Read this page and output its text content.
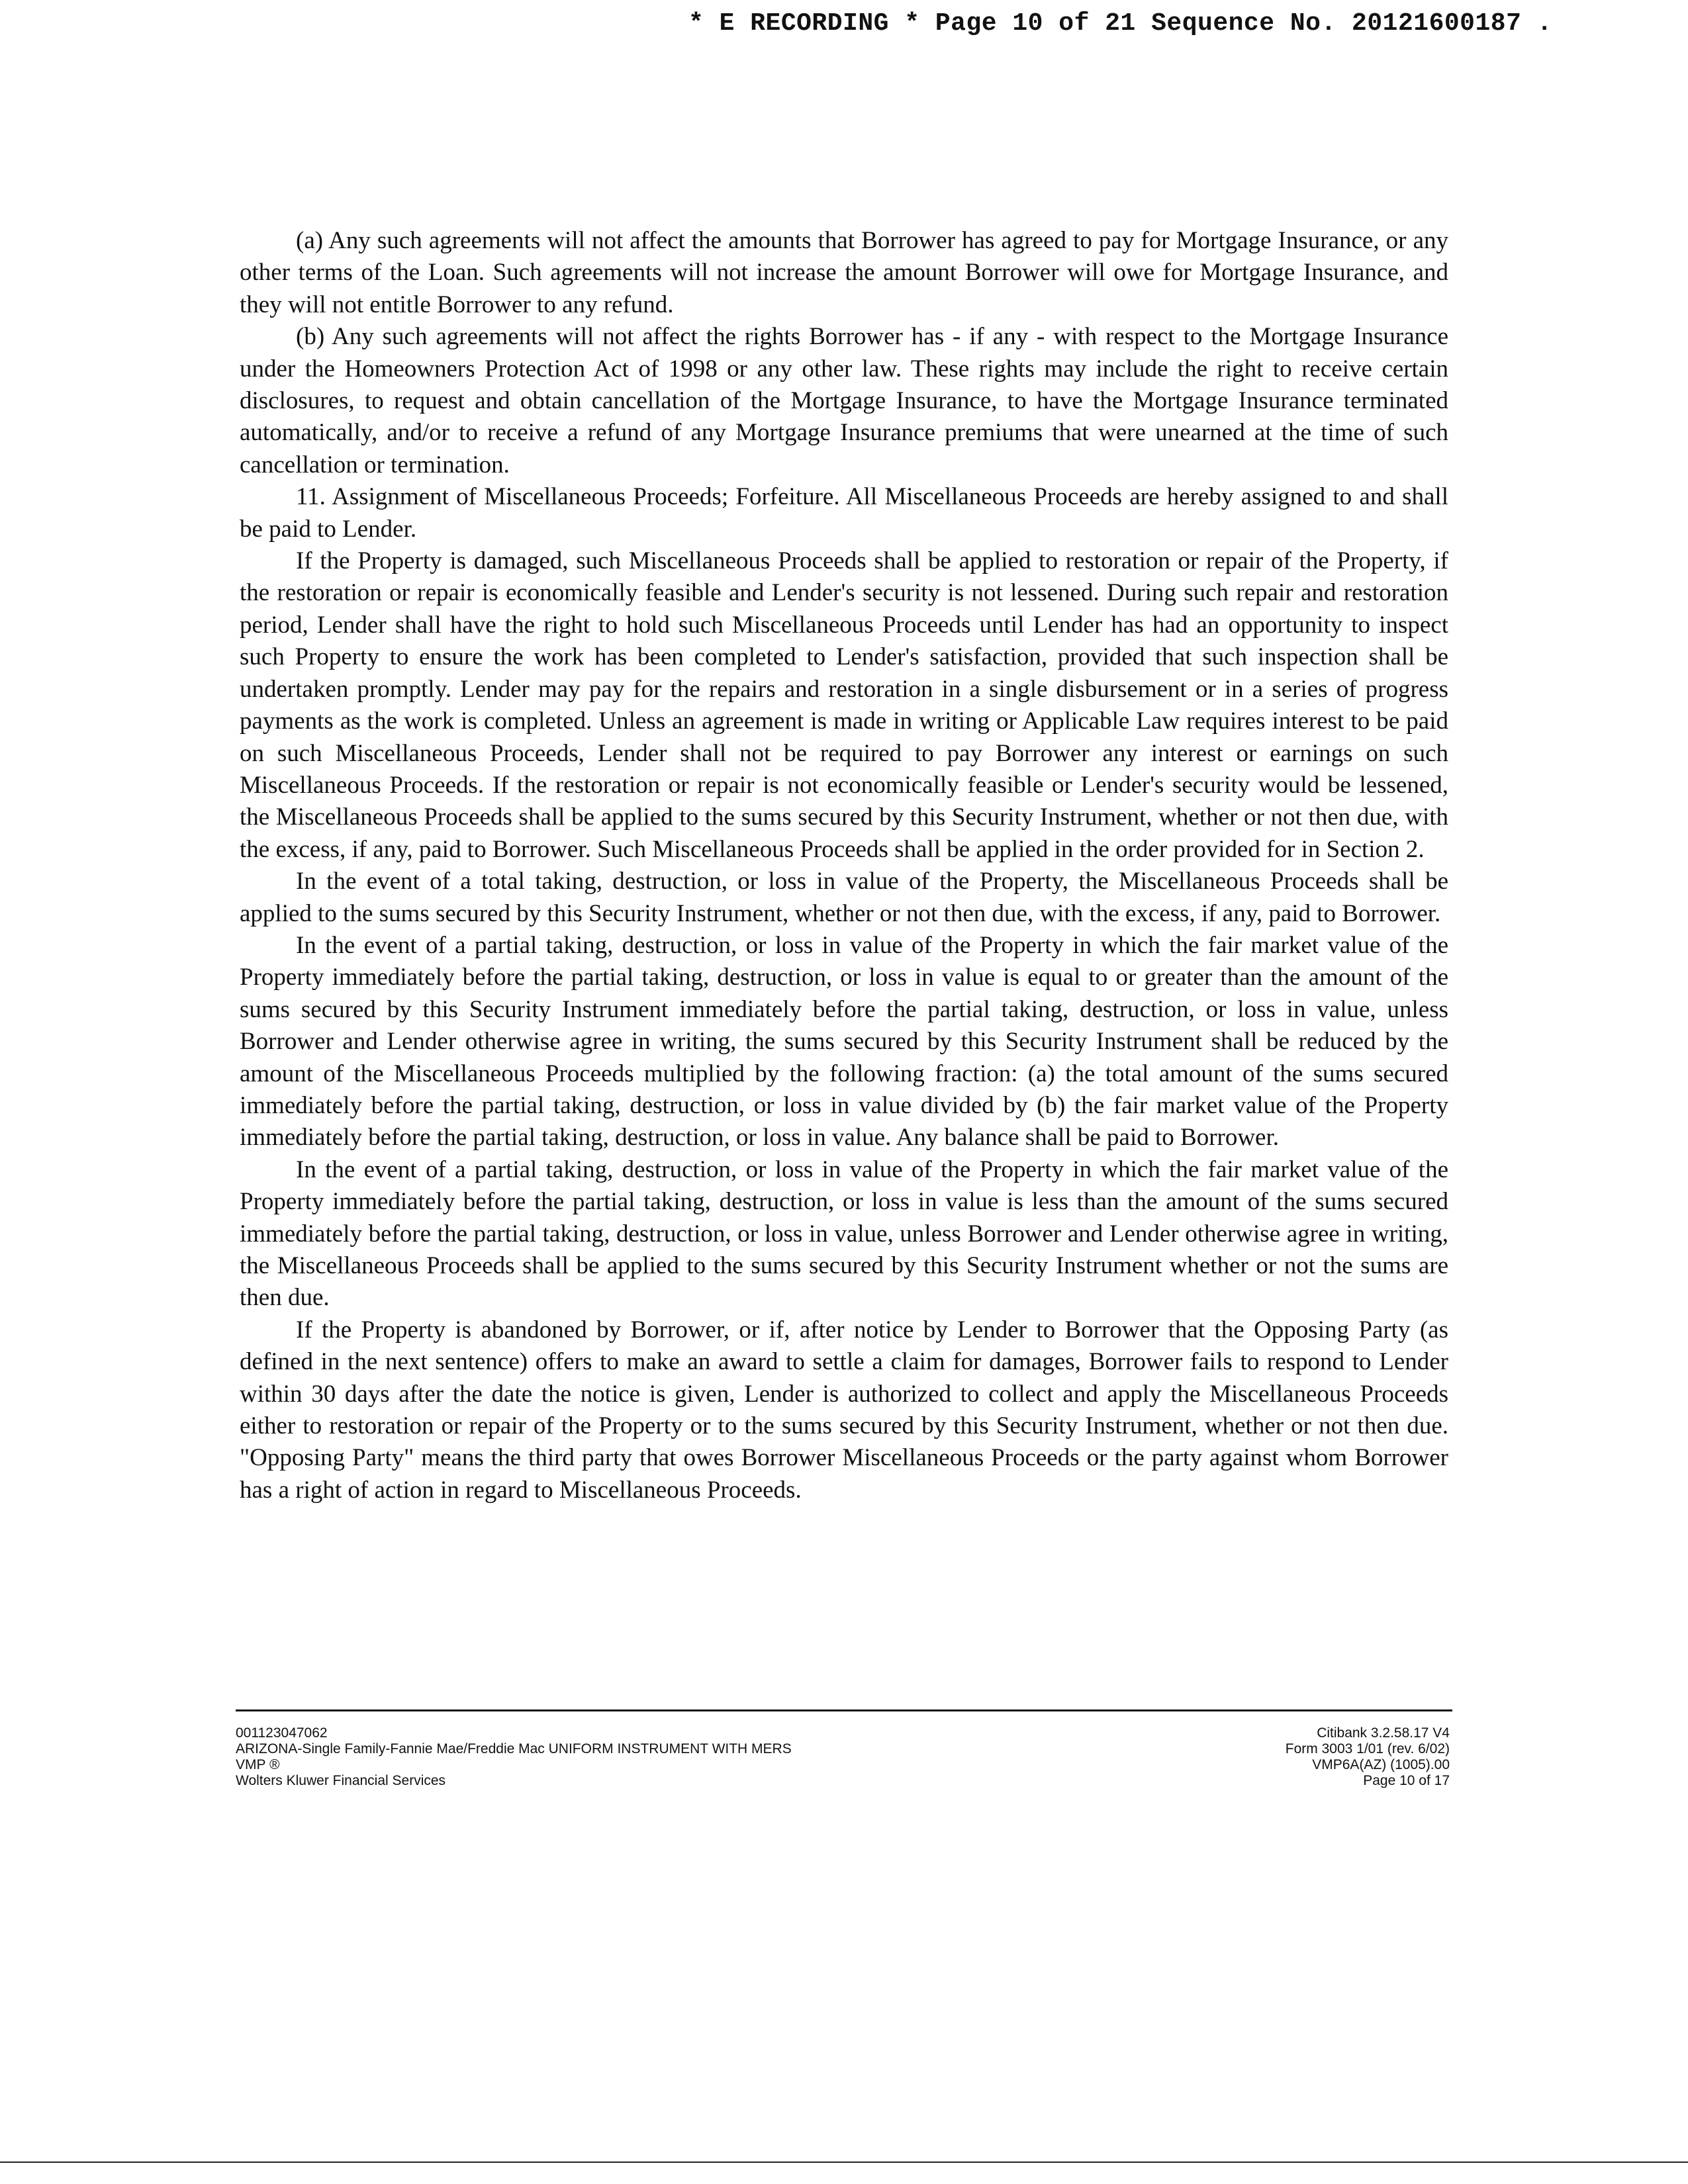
* E RECORDING * Page 10 of 21 Sequence No. 20121600187 .

(a) Any such agreements will not affect the amounts that Borrower has agreed to pay for Mortgage Insurance, or any other terms of the Loan. Such agreements will not increase the amount Borrower will owe for Mortgage Insurance, and they will not entitle Borrower to any refund.

(b) Any such agreements will not affect the rights Borrower has - if any - with respect to the Mortgage Insurance under the Homeowners Protection Act of 1998 or any other law. These rights may include the right to receive certain disclosures, to request and obtain cancellation of the Mortgage Insurance, to have the Mortgage Insurance terminated automatically, and/or to receive a refund of any Mortgage Insurance premiums that were unearned at the time of such cancellation or termination.

11. Assignment of Miscellaneous Proceeds; Forfeiture. All Miscellaneous Proceeds are hereby assigned to and shall be paid to Lender.

If the Property is damaged, such Miscellaneous Proceeds shall be applied to restoration or repair of the Property, if the restoration or repair is economically feasible and Lender's security is not lessened. During such repair and restoration period, Lender shall have the right to hold such Miscellaneous Proceeds until Lender has had an opportunity to inspect such Property to ensure the work has been completed to Lender's satisfaction, provided that such inspection shall be undertaken promptly. Lender may pay for the repairs and restoration in a single disbursement or in a series of progress payments as the work is completed. Unless an agreement is made in writing or Applicable Law requires interest to be paid on such Miscellaneous Proceeds, Lender shall not be required to pay Borrower any interest or earnings on such Miscellaneous Proceeds. If the restoration or repair is not economically feasible or Lender's security would be lessened, the Miscellaneous Proceeds shall be applied to the sums secured by this Security Instrument, whether or not then due, with the excess, if any, paid to Borrower. Such Miscellaneous Proceeds shall be applied in the order provided for in Section 2.

In the event of a total taking, destruction, or loss in value of the Property, the Miscellaneous Proceeds shall be applied to the sums secured by this Security Instrument, whether or not then due, with the excess, if any, paid to Borrower.

In the event of a partial taking, destruction, or loss in value of the Property in which the fair market value of the Property immediately before the partial taking, destruction, or loss in value is equal to or greater than the amount of the sums secured by this Security Instrument immediately before the partial taking, destruction, or loss in value, unless Borrower and Lender otherwise agree in writing, the sums secured by this Security Instrument shall be reduced by the amount of the Miscellaneous Proceeds multiplied by the following fraction: (a) the total amount of the sums secured immediately before the partial taking, destruction, or loss in value divided by (b) the fair market value of the Property immediately before the partial taking, destruction, or loss in value. Any balance shall be paid to Borrower.

In the event of a partial taking, destruction, or loss in value of the Property in which the fair market value of the Property immediately before the partial taking, destruction, or loss in value is less than the amount of the sums secured immediately before the partial taking, destruction, or loss in value, unless Borrower and Lender otherwise agree in writing, the Miscellaneous Proceeds shall be applied to the sums secured by this Security Instrument whether or not the sums are then due.

If the Property is abandoned by Borrower, or if, after notice by Lender to Borrower that the Opposing Party (as defined in the next sentence) offers to make an award to settle a claim for damages, Borrower fails to respond to Lender within 30 days after the date the notice is given, Lender is authorized to collect and apply the Miscellaneous Proceeds either to restoration or repair of the Property or to the sums secured by this Security Instrument, whether or not then due. "Opposing Party" means the third party that owes Borrower Miscellaneous Proceeds or the party against whom Borrower has a right of action in regard to Miscellaneous Proceeds.

001123047062
ARIZONA-Single Family-Fannie Mae/Freddie Mac UNIFORM INSTRUMENT WITH MERS
VMP ®
Wolters Kluwer Financial Services
Citibank 3.2.58.17 V4
Form 3003 1/01 (rev. 6/02)
VMP6A(AZ) (1005).00
Page 10 of 17
